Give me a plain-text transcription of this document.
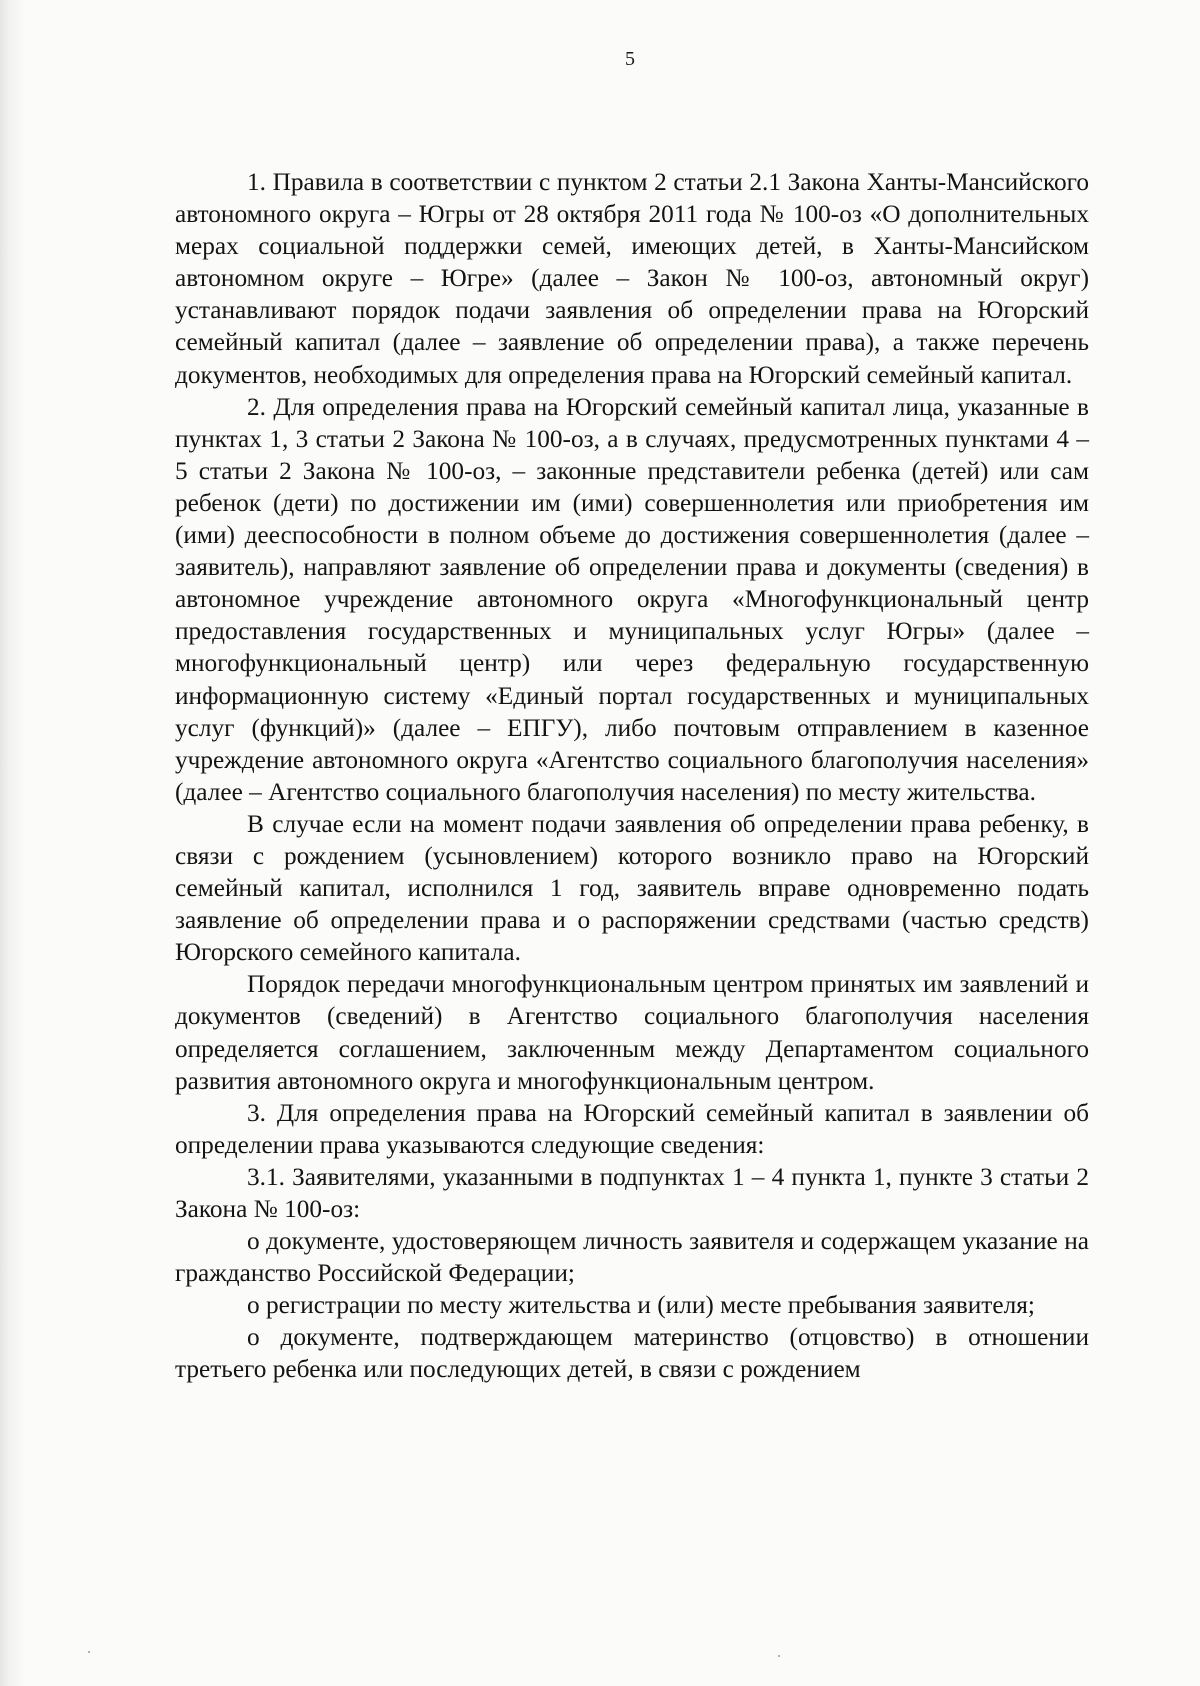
5

1. Правила в соответствии с пунктом 2 статьи 2.1 Закона Ханты-Мансийского автономного округа – Югры от 28 октября 2011 года № 100-оз «О дополнительных мерах социальной поддержки семей, имеющих детей, в Ханты-Мансийском автономном округе – Югре» (далее – Закон № 100-оз, автономный округ) устанавливают порядок подачи заявления об определении права на Югорский семейный капитал (далее – заявление об определении права), а также перечень документов, необходимых для определения права на Югорский семейный капитал.

2. Для определения права на Югорский семейный капитал лица, указанные в пунктах 1, 3 статьи 2 Закона № 100-оз, а в случаях, предусмотренных пунктами 4 – 5 статьи 2 Закона № 100-оз, – законные представители ребенка (детей) или сам ребенок (дети) по достижении им (ими) совершеннолетия или приобретения им (ими) дееспособности в полном объеме до достижения совершеннолетия (далее – заявитель), направляют заявление об определении права и документы (сведения) в автономное учреждение автономного округа «Многофункциональный центр предоставления государственных и муниципальных услуг Югры» (далее – многофункциональный центр) или через федеральную государственную информационную систему «Единый портал государственных и муниципальных услуг (функций)» (далее – ЕПГУ), либо почтовым отправлением в казенное учреждение автономного округа «Агентство социального благополучия населения» (далее – Агентство социального благополучия населения) по месту жительства.

В случае если на момент подачи заявления об определении права ребенку, в связи с рождением (усыновлением) которого возникло право на Югорский семейный капитал, исполнился 1 год, заявитель вправе одновременно подать заявление об определении права и о распоряжении средствами (частью средств) Югорского семейного капитала.

Порядок передачи многофункциональным центром принятых им заявлений и документов (сведений) в Агентство социального благополучия населения определяется соглашением, заключенным между Департаментом социального развития автономного округа и многофункциональным центром.

3. Для определения права на Югорский семейный капитал в заявлении об определении права указываются следующие сведения:

3.1. Заявителями, указанными в подпунктах 1 – 4 пункта 1, пункте 3 статьи 2 Закона № 100-оз:

о документе, удостоверяющем личность заявителя и содержащем указание на гражданство Российской Федерации;

о регистрации по месту жительства и (или) месте пребывания заявителя;

о документе, подтверждающем материнство (отцовство) в отношении третьего ребенка или последующих детей, в связи с рождением
